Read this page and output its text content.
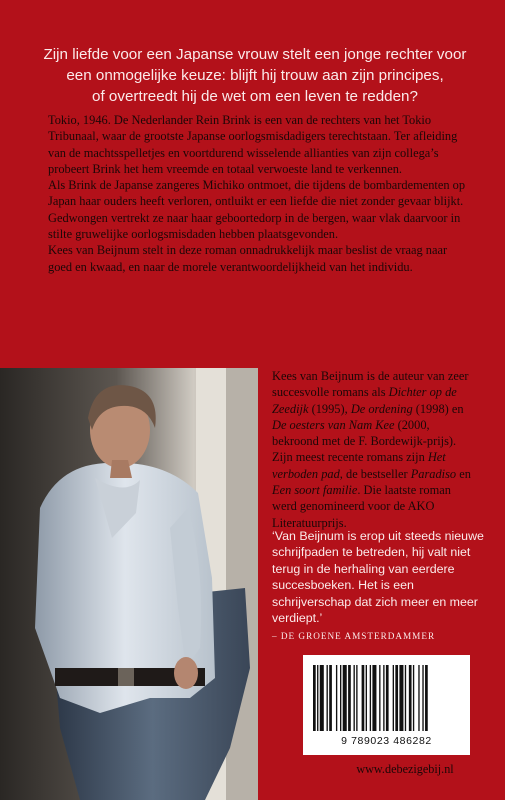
Zijn liefde voor een Japanse vrouw stelt een jonge rechter voor
een onmogelijke keuze: blijft hij trouw aan zijn principes,
of overtreedt hij de wet om een leven te redden?

Tokio, 1946. De Nederlander Rein Brink is een van de rechters van het Tokio Tribunaal, waar de grootste Japanse oorlogsmisdadigers terechtstaan. Ter afleiding van de machtsspelletjes en voortdurend wisselende allianties van zijn collega’s probeert Brink het hem vreemde en totaal verwoeste land te verkennen.

Als Brink de Japanse zangeres Michiko ontmoet, die tijdens de bombardementen op Japan haar ouders heeft verloren, ontluikt er een liefde die niet zonder gevaar blijkt. Gedwongen vertrekt ze naar haar geboortedorp in de bergen, waar vlak daarvoor in stilte gruwelijke oorlogsmisdaden hebben plaatsgevonden.

Kees van Beijnum stelt in deze roman onnadrukkelijk maar beslist de vraag naar goed en kwaad, en naar de morele verantwoordelijkheid van het individu.

Kees van Beijnum is de auteur van zeer succesvolle romans als Dichter op de Zeedijk (1995), De ordening (1998) en De oesters van Nam Kee (2000, bekroond met de F. Bordewijk-prijs). Zijn meest recente romans zijn Het verboden pad, de bestseller Paradiso en Een soort familie. Die laatste roman werd genomineerd voor de AKO Literatuurprijs.
‘Van Beijnum is erop uit steeds nieuwe schrijfpaden te betreden, hij valt niet terug in de herhaling van eerdere succesboeken. Het is een schrijverschap dat zich meer en meer verdiept.’
– DE GROENE AMSTERDAMMER
9 789023 486282
www.debezigebij.nl
